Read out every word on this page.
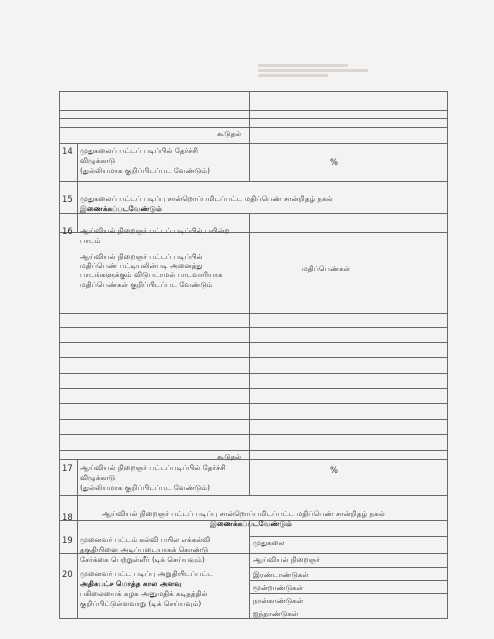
கூடுதல்
14 முதுகலைப் பட்டப் படிப்பில் தேர்ச்சி
விழுக்காடு
(துல்லியமாக குறிப்பிடப்பட வேண்டும்)
%
15 முதுகலைப் பட்டப் படிப்பு சான்றொப்பமிடப்பட்ட மதிப்பெண் சான்றிதழ் நகல்
இணைக்கப்படவேண்டும்
16 ஆய்வியல் நிறைஞர் பட்டப் படிப்பில் பயின்ற
பாடம்
ஆய்வியல் நிறைஞர் பட்டப் படிப்பில்
மதிப்பெண் பட்டியலின்படி அனைத்து
பாடங்களுக்கும் விடுபடாமல் பாடவாரியாக
மதிப்பெண்கள் குறிப்பிடப்பட வேண்டும்
மதிப்பெண்கள்
கூடுதல்
17 ஆய்வியல் நிறைஞர் பட்டப்படிப்பில் தேர்ச்சி
விழுக்காடு
(துல்லியமாக குறிப்பிடப்பட வேண்டும்)
%
18	ஆய்வியல் நிறைஞர் பட்டப் படிப்பு சான்றொப்பமிடப்பட்ட மதிப்பெண் சான்றிதழ் நகல்
இணைக்கப்படவேண்டும்
19 முனைவர் பட்டம் கல்வி பயில எக்கல்வி
தகுதியினை அடிப்படையாகக் கொண்டு
சேர்க்கை பெற்றுள்ளீர் (டிக் செய்யவும்)
முதுகலை
ஆய்வியல் நிறைஞர்
20 முனைவர் பட்ட படிப்பு அறுதியிடப்பட்ட
அதிகபட்ச மொத்த கால அளவு
பகிலையைக் கழக அனுமதிக் கடிதத்தில்
குறிப்பிட்டுள்ளவாறு (டிக் செய்யவும்)
இரண்டாண்டுகள்
மூன்றாண்டுகள்
நான்காண்டுகள்
ஐந்தாண்டுகள்
